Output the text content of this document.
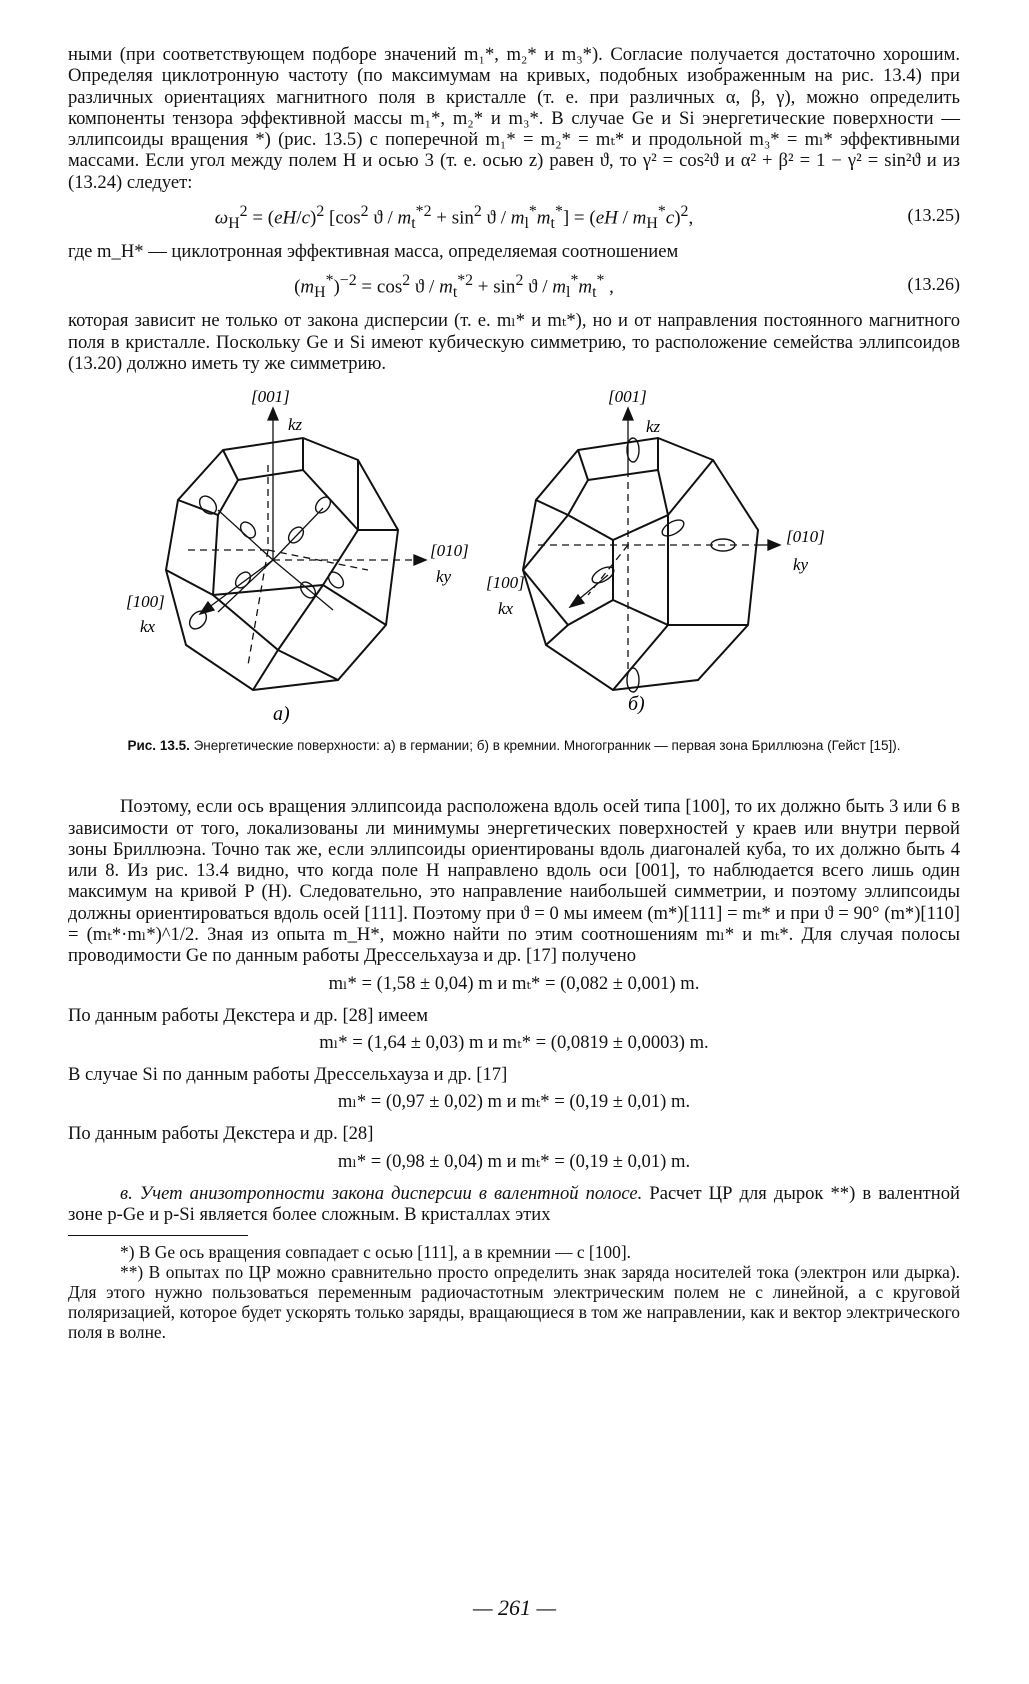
ными (при соответствующем подборе значений m₁*, m₂* и m₃*). Согласие получается достаточно хорошим. Определяя циклотронную частоту (по максимумам на кривых, подобных изображенным на рис. 13.4) при различных ориентациях магнитного поля в кристалле (т. е. при различных α, β, γ), можно определить компоненты тензора эффективной массы m₁*, m₂* и m₃*. В случае Ge и Si энергетические поверхности — эллипсоиды вращения *) (рис. 13.5) с поперечной m₁* = m₂* = mₜ* и продольной m₃* = mₗ* эффективными массами. Если угол между полем H и осью 3 (т. е. осью z) равен ϑ, то γ² = cos²ϑ и α² + β² = 1 − γ² = sin²ϑ и из (13.24) следует:

$\omega_H^2 = (eH/c)^2$ [$\cos^2$ $ϑ / m_t^{*2} + \sin^2 ϑ / m_l^*m_t^*] = (eH / m_H^*c)^2$,	(13.25)

где m_H* — циклотронная эффективная масса, определяемая соотношением

$(m_H^*)^{-2} = \cos^2 ϑ / m_t^{*2} + \sin^2 ϑ / m_l^*m_t^*$ ,	(13.26)

которая зависит не только от закона дисперсии (т. е. mₗ* и mₜ*), но и от направления постоянного магнитного поля в кристалле. Поскольку Ge и Si имеют кубическую симметрию, то расположение семейства эллипсоидов (13.20) должно иметь ту же симметрию.

[001]
kz
[010]
ky
[100]
kx
а)
[001]
kz
[010]
ky
[100]
kx
б)
Рис. 13.5. Энергетические поверхности: а) в германии; б) в кремнии. Многогранник — первая зона Бриллюэна (Гейст [15]).

Поэтому, если ось вращения эллипсоида расположена вдоль осей типа [100], то их должно быть 3 или 6 в зависимости от того, локализованы ли минимумы энергетических поверхностей у краев или внутри первой зоны Бриллюэна. Точно так же, если эллипсоиды ориентированы вдоль диагоналей куба, то их должно быть 4 или 8. Из рис. 13.4 видно, что когда поле H направлено вдоль оси [001], то наблюдается всего лишь один максимум на кривой P (H). Следовательно, это направление наибольшей симметрии, и поэтому эллипсоиды должны ориентироваться вдоль осей [111]. Поэтому при ϑ = 0 мы имеем (m*)[111] = mₜ* и при ϑ = 90° (m*)[110] = (mₜ*·mₗ*)^1/2. Зная из опыта m_H*, можно найти по этим соотношениям mₗ* и mₜ*. Для случая полосы проводимости Ge по данным работы Дрессельхауза и др. [17] получено

mₗ* = (1,58 ± 0,04) m и mₜ* = (0,082 ± 0,001) m.

По данным работы Декстера и др. [28] имеем

mₗ* = (1,64 ± 0,03) m и mₜ* = (0,0819 ± 0,0003) m.

В случае Si по данным работы Дрессельхауза и др. [17]

mₗ* = (0,97 ± 0,02) m и mₜ* = (0,19 ± 0,01) m.

По данным работы Декстера и др. [28]

mₗ* = (0,98 ± 0,04) m и mₜ* = (0,19 ± 0,01) m.

в. Учет анизотропности закона дисперсии в валентной полосе. Расчет ЦР для дырок **) в валентной зоне p-Ge и p-Si является более сложным. В кристаллах этих

*) В Ge ось вращения совпадает с осью [111], а в кремнии — с [100].

**) В опытах по ЦР можно сравнительно просто определить знак заряда носителей тока (электрон или дырка). Для этого нужно пользоваться переменным радиочастотным электрическим полем не с линейной, а с круговой поляризацией, которое будет ускорять только заряды, вращающиеся в том же направлении, как и вектор электрического поля в волне.

— 261 —
